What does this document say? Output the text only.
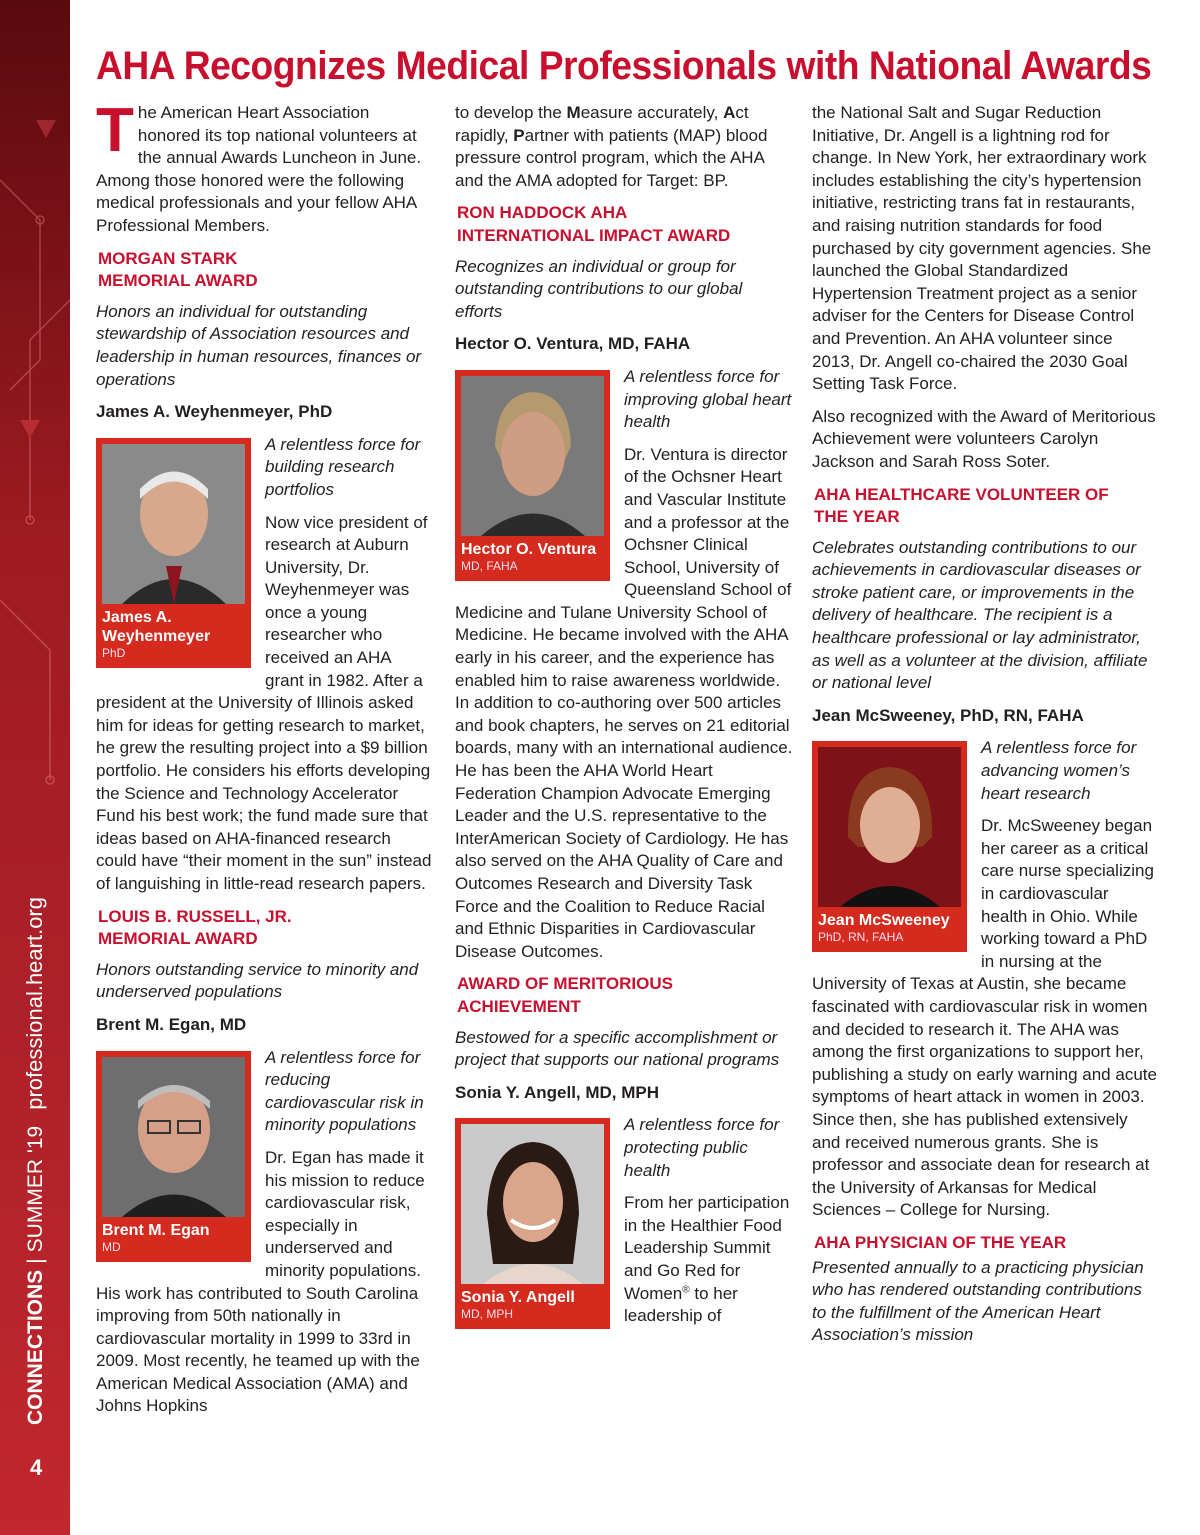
CONNECTIONS|SUMMER '19professional.heart.org
4
AHA Recognizes Medical Professionals with National Awards

The American Heart Association honored its top national volunteers at the annual Awards Luncheon in June. Among those honored were the following medical professionals and your fellow AHA Professional Members.

MORGAN STARK
MEMORIAL AWARD

Honors an individual for outstanding stewardship of Association resources and leadership in human resources, finances or operations

James A. Weyhenmeyer, PhD

James A. Weyhenmeyer
PhD

A relentless force for building research portfolios

Now vice president of research at Auburn University, Dr. Weyhenmeyer was once a young researcher who received an AHA grant in 1982. After a president at the University of Illinois asked him for ideas for getting research to market, he grew the resulting project into a $9 billion portfolio. He considers his efforts developing the Science and Technology Accelerator Fund his best work; the fund made sure that ideas based on AHA-financed research could have “their moment in the sun” instead of languishing in little-read research papers.

LOUIS B. RUSSELL, JR.
MEMORIAL AWARD

Honors outstanding service to minority and underserved populations

Brent M. Egan, MD

Brent M. Egan
MD

A relentless force for reducing cardiovascular risk in minority populations

Dr. Egan has made it his mission to reduce cardiovascular risk, especially in underserved and minority populations. His work has contributed to South Carolina improving from 50th nationally in cardiovascular mortality in 1999 to 33rd in 2009. Most recently, he teamed up with the American Medical Association (AMA) and Johns Hopkins

to develop the Measure accurately, Act rapidly, Partner with patients (MAP) blood pressure control program, which the AHA and the AMA adopted for Target: BP.

RON HADDOCK AHA
INTERNATIONAL IMPACT AWARD

Recognizes an individual or group for outstanding contributions to our global efforts

Hector O. Ventura, MD, FAHA

Hector O. Ventura
MD, FAHA

A relentless force for improving global heart health

Dr. Ventura is director of the Ochsner Heart and Vascular Institute and a professor at the Ochsner Clinical School, University of Queensland School of Medicine and Tulane University School of Medicine. He became involved with the AHA early in his career, and the experience has enabled him to raise awareness worldwide. In addition to co-authoring over 500 articles and book chapters, he serves on 21 editorial boards, many with an international audience. He has been the AHA World Heart Federation Champion Advocate Emerging Leader and the U.S. representative to the InterAmerican Society of Cardiology. He has also served on the AHA Quality of Care and Outcomes Research and Diversity Task Force and the Coalition to Reduce Racial and Ethnic Disparities in Cardiovascular Disease Outcomes.

AWARD OF MERITORIOUS
ACHIEVEMENT

Bestowed for a specific accomplishment or project that supports our national programs

Sonia Y. Angell, MD, MPH

Sonia Y. Angell
MD, MPH

A relentless force for protecting public health

From her participation in the Healthier Food Leadership Summit and Go Red for Women® to her leadership of

the National Salt and Sugar Reduction Initiative, Dr. Angell is a lightning rod for change. In New York, her extraordinary work includes establishing the city’s hypertension initiative, restricting trans fat in restaurants, and raising nutrition standards for food purchased by city government agencies. She launched the Global Standardized Hypertension Treatment project as a senior adviser for the Centers for Disease Control and Prevention. An AHA volunteer since 2013, Dr. Angell co-chaired the 2030 Goal Setting Task Force.

Also recognized with the Award of Meritorious Achievement were volunteers Carolyn Jackson and Sarah Ross Soter.

AHA HEALTHCARE VOLUNTEER OF
THE YEAR

Celebrates outstanding contributions to our achievements in cardiovascular diseases or stroke patient care, or improvements in the delivery of healthcare. The recipient is a healthcare professional or lay administrator, as well as a volunteer at the division, affiliate or national level

Jean McSweeney, PhD, RN, FAHA

Jean McSweeney
PhD, RN, FAHA

A relentless force for advancing women’s heart research

Dr. McSweeney began her career as a critical care nurse specializing in cardiovascular health in Ohio. While working toward a PhD in nursing at the University of Texas at Austin, she became fascinated with cardiovascular risk in women and decided to research it. The AHA was among the first organizations to support her, publishing a study on early warning and acute symptoms of heart attack in women in 2003. Since then, she has published extensively and received numerous grants. She is professor and associate dean for research at the University of Arkansas for Medical Sciences – College for Nursing.

AHA PHYSICIAN OF THE YEAR

Presented annually to a practicing physician who has rendered outstanding contributions to the fulfillment of the American Heart Association’s mission
